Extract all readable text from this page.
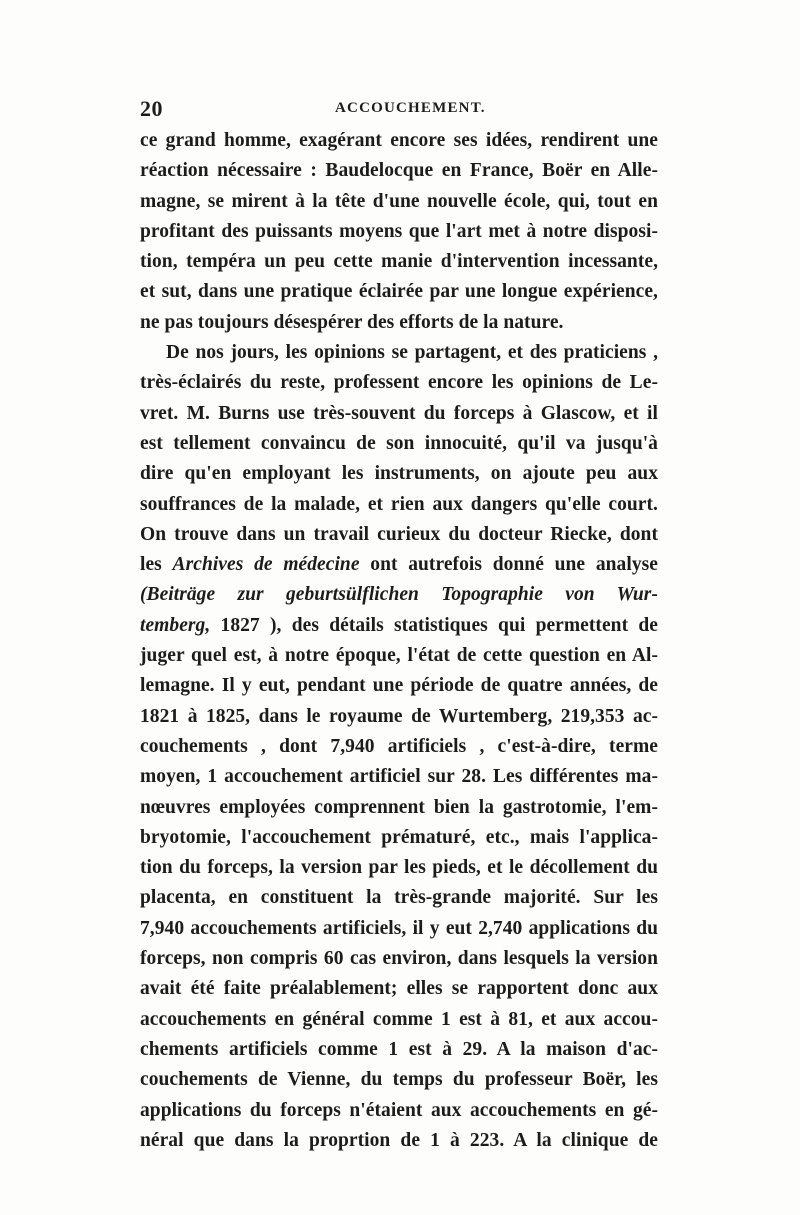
20	ACCOUCHEMENT.
ce grand homme, exagérant encore ses idées, rendirent une
réaction nécessaire : Baudelocque en France, Boër en Alle-
magne, se mirent à la tête d'une nouvelle école, qui, tout en
profitant des puissants moyens que l'art met à notre disposi-
tion, tempéra un peu cette manie d'intervention incessante,
et sut, dans une pratique éclairée par une longue expérience,
ne pas toujours désespérer des efforts de la nature.
De nos jours, les opinions se partagent, et des praticiens ,
très-éclairés du reste, professent encore les opinions de Le-
vret. M. Burns use très-souvent du forceps à Glascow, et il
est tellement convaincu de son innocuité, qu'il va jusqu'à
dire qu'en employant les instruments, on ajoute peu aux
souffrances de la malade, et rien aux dangers qu'elle court.
On trouve dans un travail curieux du docteur Riecke, dont
les Archives de médecine ont autrefois donné une analyse
(Beiträge zur geburtsülflichen Topographie von Wur-
temberg, 1827 ), des détails statistiques qui permettent de
juger quel est, à notre époque, l'état de cette question en Al-
lemagne. Il y eut, pendant une période de quatre années, de
1821 à 1825, dans le royaume de Wurtemberg, 219,353 ac-
couchements , dont 7,940 artificiels , c'est-à-dire, terme
moyen, 1 accouchement artificiel sur 28. Les différentes ma-
nœuvres employées comprennent bien la gastrotomie, l'em-
bryotomie, l'accouchement prématuré, etc., mais l'applica-
tion du forceps, la version par les pieds, et le décollement du
placenta, en constituent la très-grande majorité. Sur les
7,940 accouchements artificiels, il y eut 2,740 applications du
forceps, non compris 60 cas environ, dans lesquels la version
avait été faite préalablement; elles se rapportent donc aux
accouchements en général comme 1 est à 81, et aux accou-
chements artificiels comme 1 est à 29. A la maison d'ac-
couchements de Vienne, du temps du professeur Boër, les
applications du forceps n'étaient aux accouchements en gé-
néral que dans la proprtion de 1 à 223. A la clinique de
